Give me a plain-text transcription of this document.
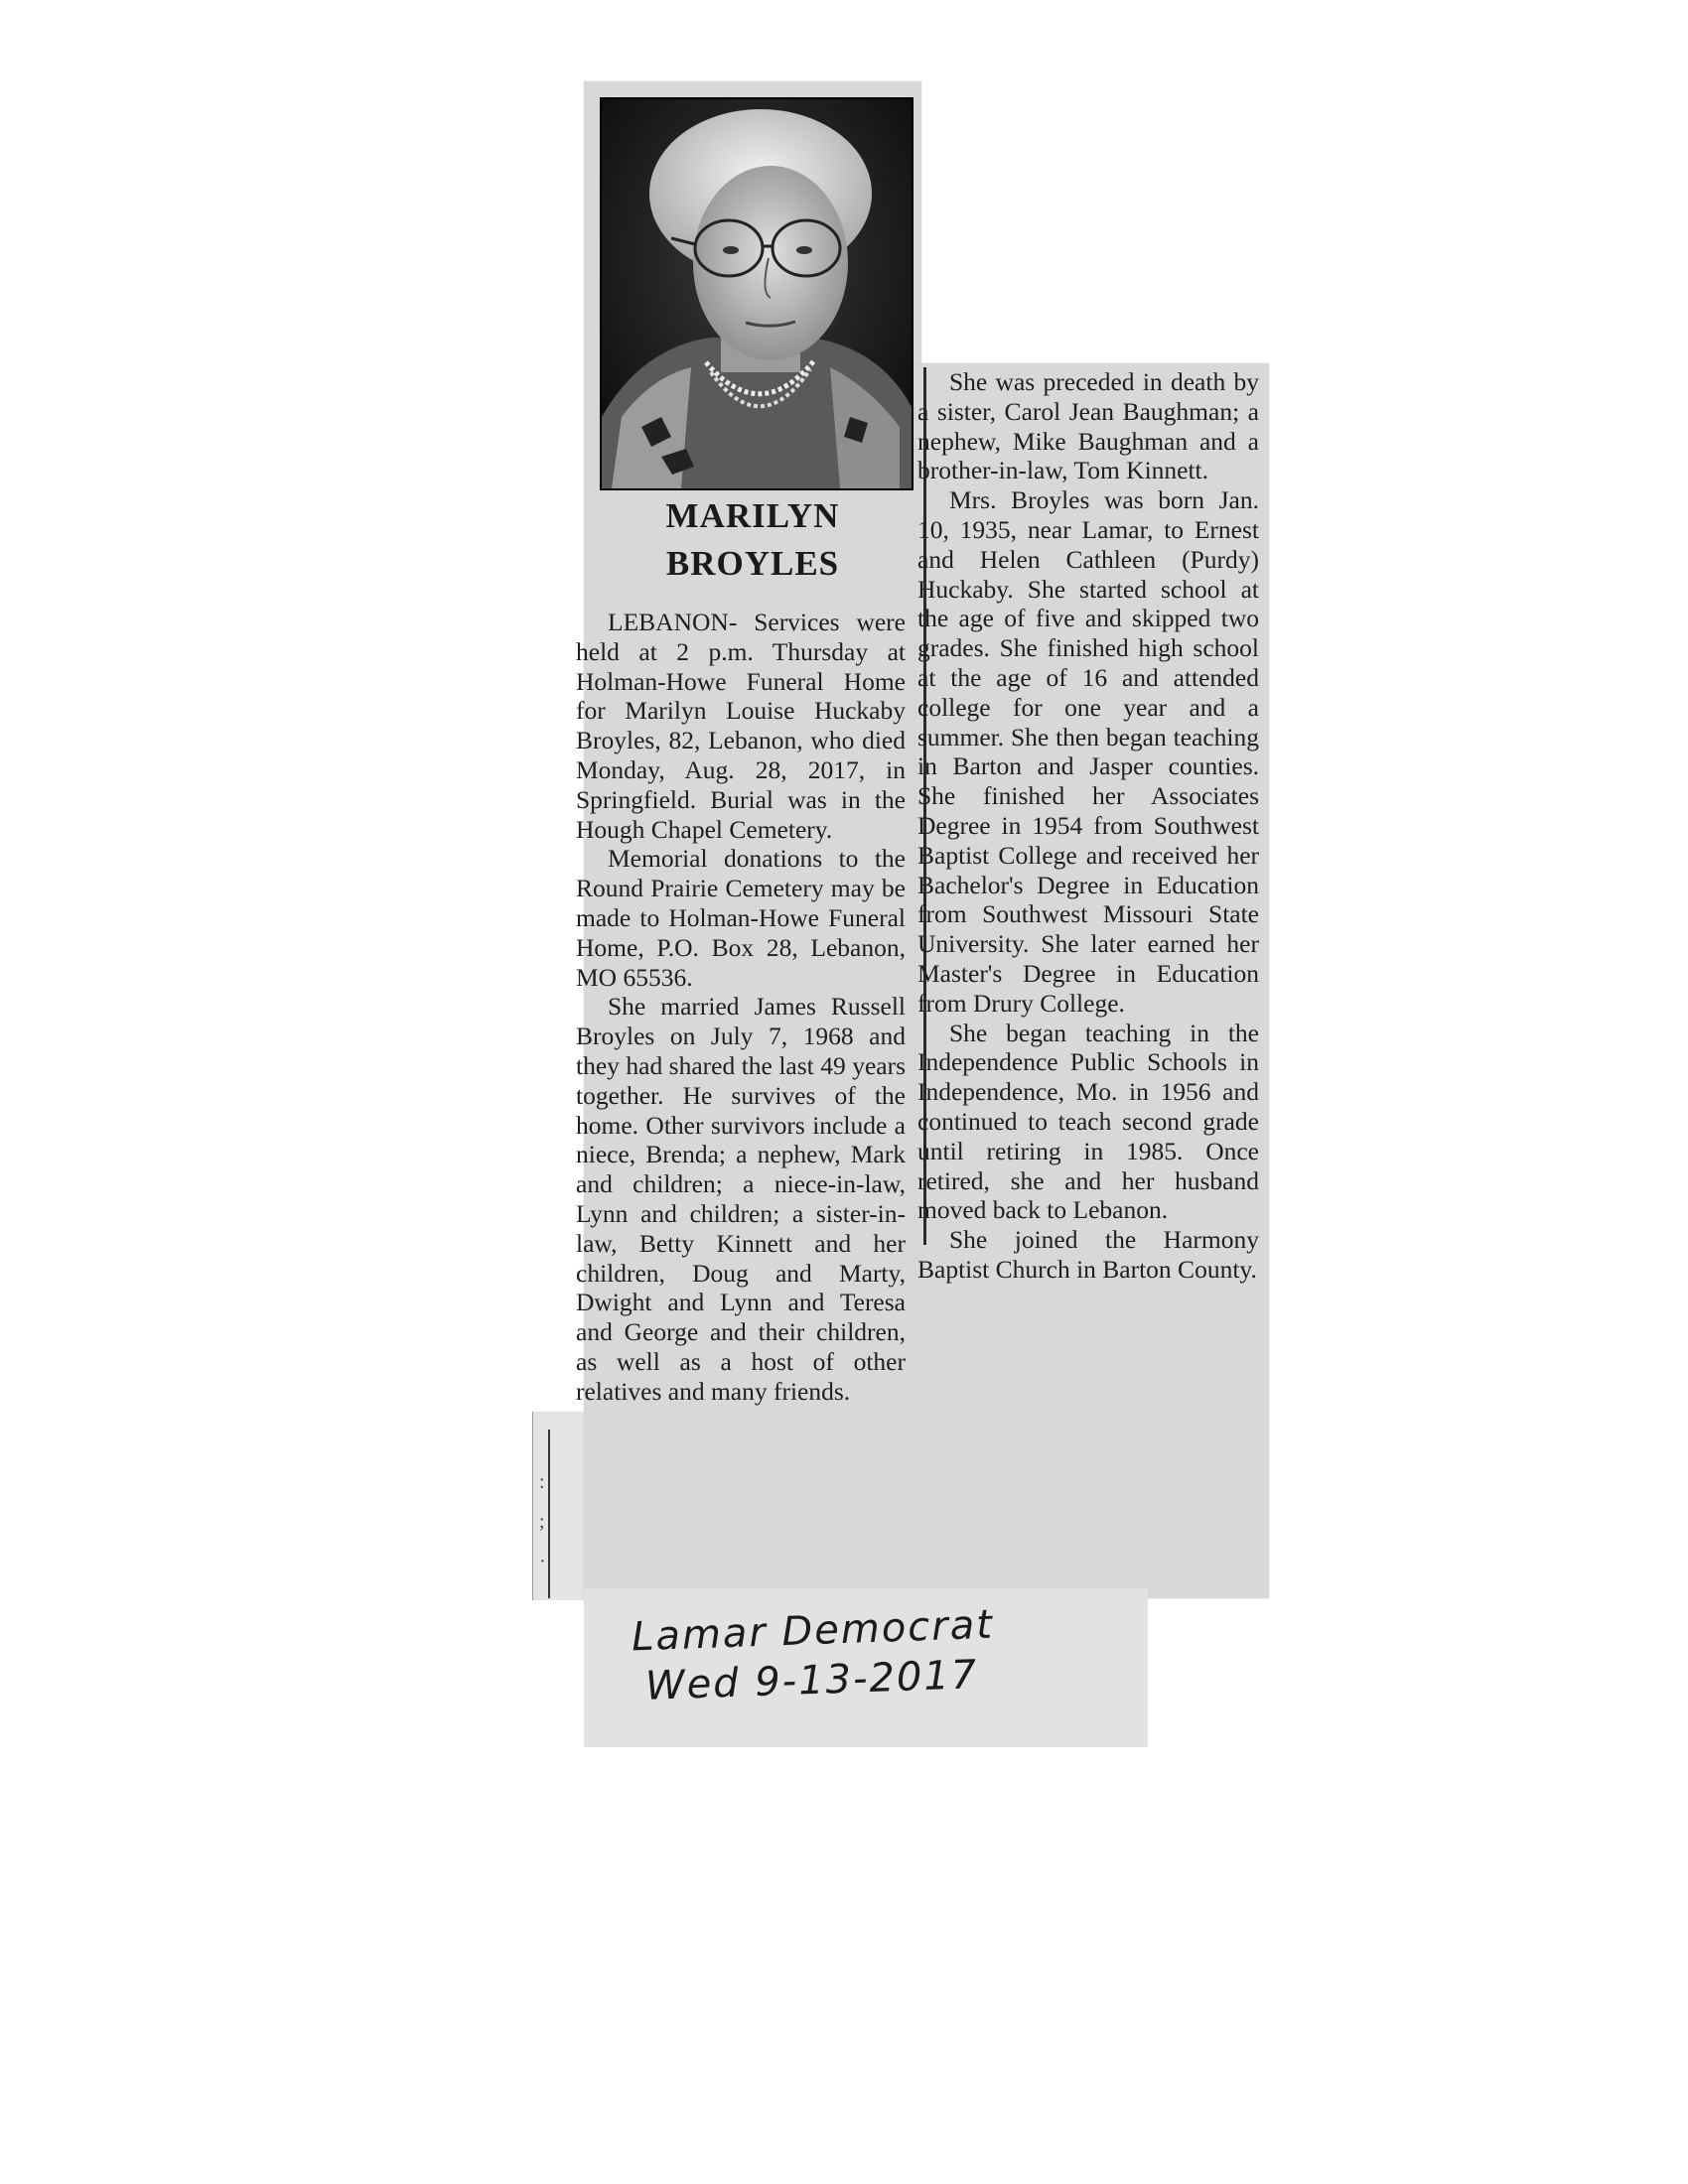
:
;
·
MARILYN
BROYLES

LEBANON- Services were held at 2 p.m. Thursday at Holman-Howe Funeral Home for Marilyn Louise Huckaby Broyles, 82, Lebanon, who died Monday, Aug. 28, 2017, in Springfield. Burial was in the Hough Chapel Cemetery.

Memorial donations to the Round Prairie Cemetery may be made to Holman-Howe Funeral Home, P.O. Box 28, Lebanon, MO 65536.

She married James Russell Broyles on July 7, 1968 and they had shared the last 49 years together. He survives of the home. Other survivors include a niece, Brenda; a nephew, Mark and children; a niece-in-law, Lynn and children; a sister-in-law, Betty Kinnett and her children, Doug and Marty, Dwight and Lynn and Teresa and George and their children, as well as a host of other relatives and many friends.

She was preceded in death by a sister, Carol Jean Baughman; a nephew, Mike Baughman and a brother-in-law, Tom Kinnett.

Mrs. Broyles was born Jan. 10, 1935, near Lamar, to Ernest and Helen Cathleen (Purdy) Huckaby. She started school at the age of five and skipped two grades. She finished high school at the age of 16 and attended college for one year and a summer. She then began teaching in Barton and Jasper counties. She finished her Associates Degree in 1954 from Southwest Baptist College and received her Bachelor's Degree in Education from Southwest Missouri State University. She later earned her Master's Degree in Education from Drury College.

She began teaching in the Independence Public Schools in Independence, Mo. in 1956 and continued to teach second grade until retiring in 1985. Once retired, she and her husband moved back to Lebanon.

She joined the Harmony Baptist Church in Barton County.

Lamar Democrat
Wed 9-13-2017
